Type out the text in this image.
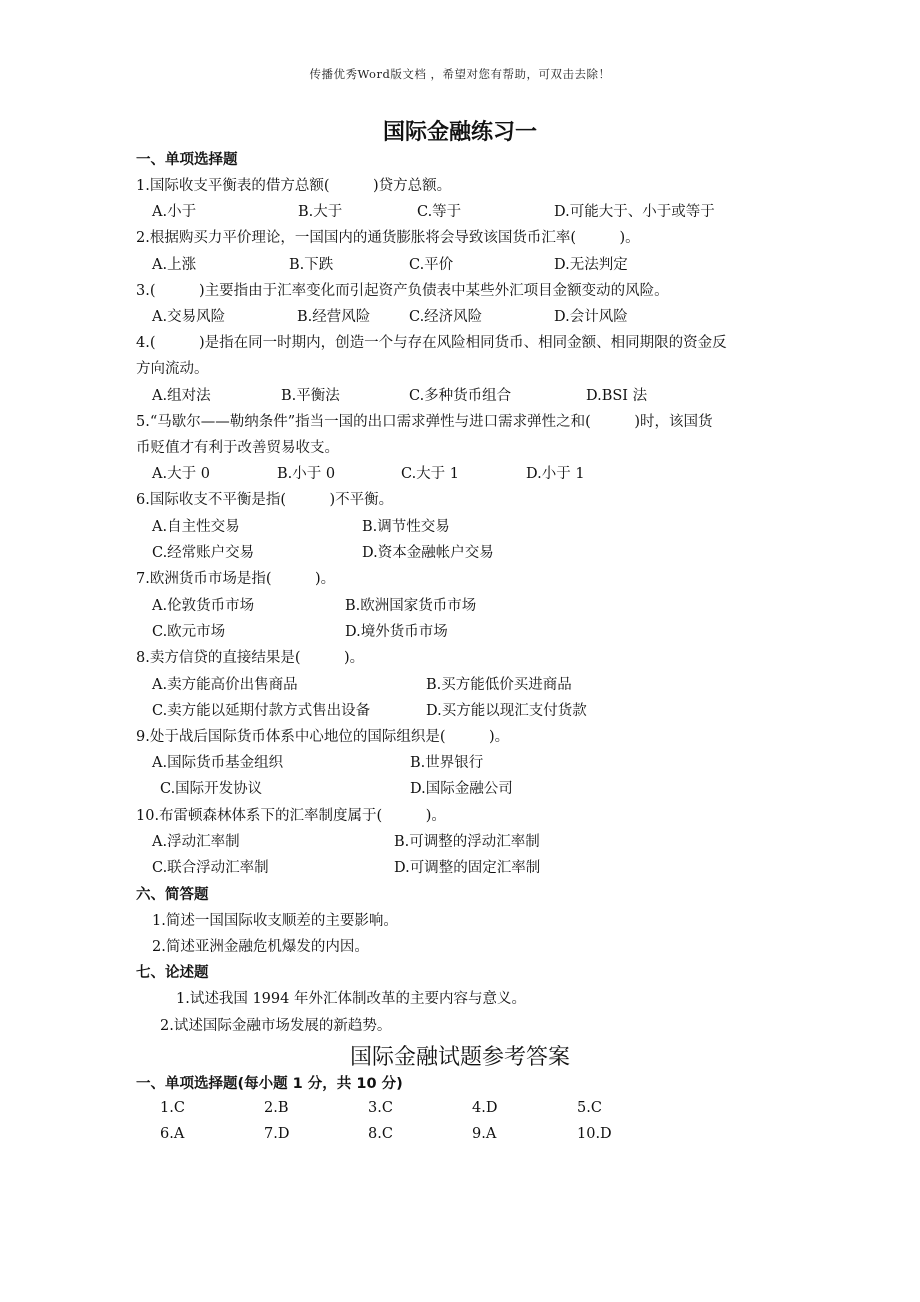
传播优秀Word版文档 ，希望对您有帮助，可双击去除！
国际金融练习一
一、单项选择题
1.国际收支平衡表的借方总额(　　　)贷方总额。
A.小于	B.大于	C.等于	D.可能大于、小于或等于
2.根据购买力平价理论，一国国内的通货膨胀将会导致该国货币汇率(　　　)。
A.上涨	B.下跌	C.平价	D.无法判定
3.(　　　)主要指由于汇率变化而引起资产负债表中某些外汇项目金额变动的风险。
A.交易风险	B.经营风险	C.经济风险	D.会计风险
4.(　　　)是指在同一时期内，创造一个与存在风险相同货币、相同金额、相同期限的资金反
方向流动。
A.组对法	B.平衡法	C.多种货币组合	D.BSI 法
5.“马歇尔——勒纳条件”指当一国的出口需求弹性与进口需求弹性之和(　　　)时，该国货
币贬值才有利于改善贸易收支。
A.大于 0	B.小于 0	C.大于 1	D.小于 1
6.国际收支不平衡是指(　　　)不平衡。
A.自主性交易	B.调节性交易
C.经常账户交易	D.资本金融帐户交易
7.欧洲货币市场是指(　　　)。
A.伦敦货币市场	B.欧洲国家货币市场
C.欧元市场	D.境外货币市场
8.卖方信贷的直接结果是(　　　)。
A.卖方能高价出售商品	B.买方能低价买进商品
C.卖方能以延期付款方式售出设备	D.买方能以现汇支付货款
9.处于战后国际货币体系中心地位的国际组织是(　　　)。
A.国际货币基金组织	B.世界银行
C.国际开发协议	D.国际金融公司
10.布雷顿森林体系下的汇率制度属于(　　　)。
A.浮动汇率制	B.可调整的浮动汇率制
C.联合浮动汇率制	D.可调整的固定汇率制
六、简答题
1.简述一国国际收支顺差的主要影响。
2.简述亚洲金融危机爆发的内因。
七、论述题
1.试述我国 1994 年外汇体制改革的主要内容与意义。
2.试述国际金融市场发展的新趋势。
国际金融试题参考答案
一、单项选择题(每小题 1 分，共 10 分)
1.C	2.B	3.C	4.D	5.C
6.A	7.D	8.C	9.A	10.D
